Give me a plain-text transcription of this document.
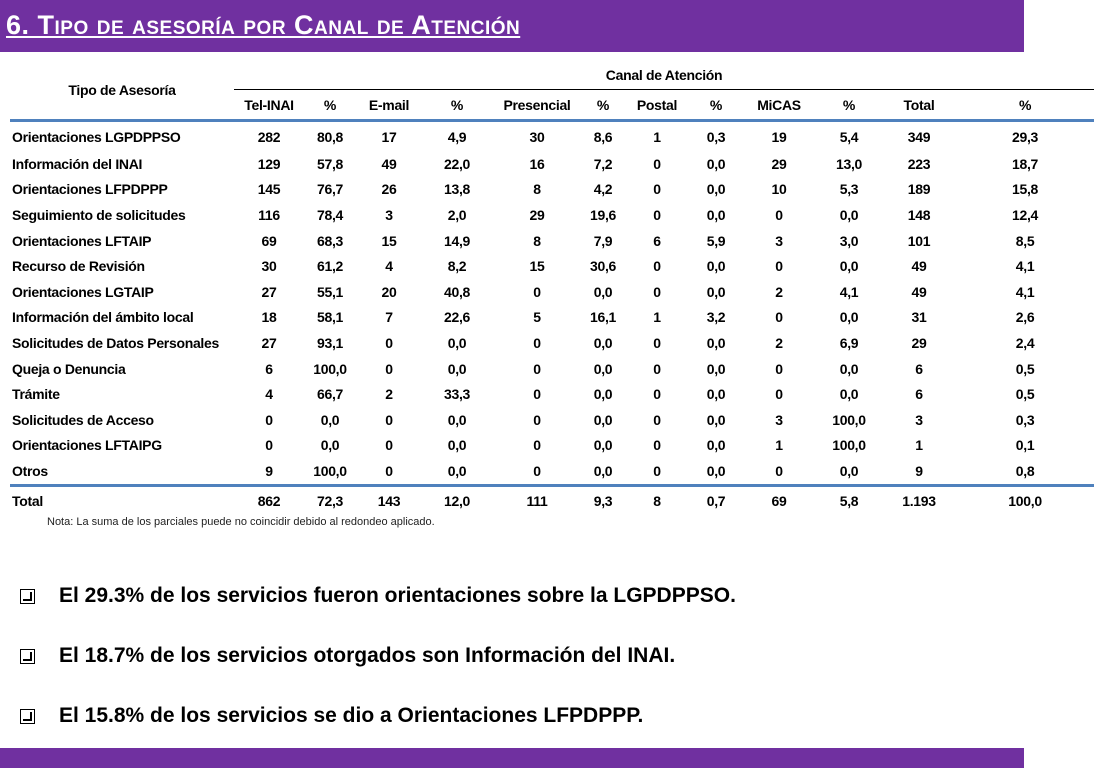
6. Tipo de asesoría por Canal de Atención
Tipo de Asesoría	Canal de Atención											
	Tel-INAI	%	E-mail	%	Presencial	%	Postal	%	MiCAS	%	Total	%
Orientaciones LGPDPPSO	282	80,8	17	4,9	30	8,6	1	0,3	19	5,4	349	29,3
Información del INAI	129	57,8	49	22,0	16	7,2	0	0,0	29	13,0	223	18,7
Orientaciones LFPDPPP	145	76,7	26	13,8	8	4,2	0	0,0	10	5,3	189	15,8
Seguimiento de solicitudes	116	78,4	3	2,0	29	19,6	0	0,0	0	0,0	148	12,4
Orientaciones LFTAIP	69	68,3	15	14,9	8	7,9	6	5,9	3	3,0	101	8,5
Recurso de Revisión	30	61,2	4	8,2	15	30,6	0	0,0	0	0,0	49	4,1
Orientaciones LGTAIP	27	55,1	20	40,8	0	0,0	0	0,0	2	4,1	49	4,1
Información del ámbito local	18	58,1	7	22,6	5	16,1	1	3,2	0	0,0	31	2,6
Solicitudes de Datos Personales	27	93,1	0	0,0	0	0,0	0	0,0	2	6,9	29	2,4
Queja o Denuncia	6	100,0	0	0,0	0	0,0	0	0,0	0	0,0	6	0,5
Trámite	4	66,7	2	33,3	0	0,0	0	0,0	0	0,0	6	0,5
Solicitudes de Acceso	0	0,0	0	0,0	0	0,0	0	0,0	3	100,0	3	0,3
Orientaciones LFTAIPG	0	0,0	0	0,0	0	0,0	0	0,0	1	100,0	1	0,1
Otros	9	100,0	0	0,0	0	0,0	0	0,0	0	0,0	9	0,8
Total	862	72,3	143	12,0	111	9,3	8	0,7	69	5,8	1.193	100,0
Nota: La suma de los parciales puede no coincidir debido al redondeo aplicado.
El 29.3% de los servicios fueron orientaciones sobre la LGPDPPSO.
El 18.7% de los servicios otorgados son Información del INAI.
El 15.8% de los servicios se dio a Orientaciones LFPDPPP.
